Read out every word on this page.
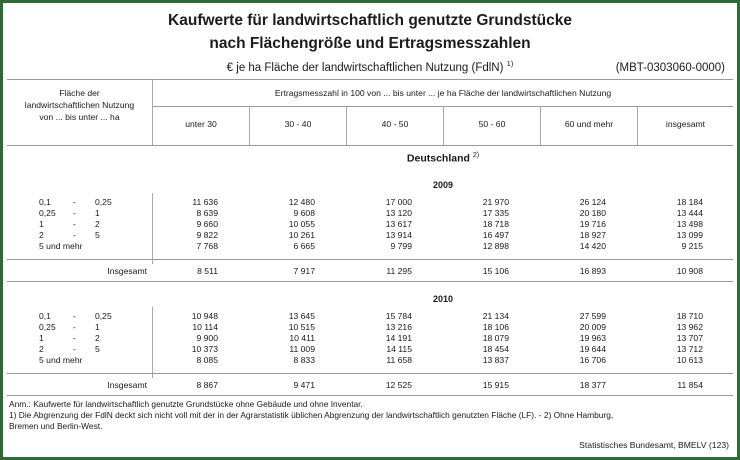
Kaufwerte für landwirtschaftlich genutzte Grundstücke
nach Flächengröße und Ertragsmesszahlen
€ je ha Fläche der landwirtschaftlichen Nutzung (FdlN) $^{1)}$	(MBT-0303060-0000)
Fläche der
landwirtschaftlichen Nutzung
von ... bis unter ... ha
Ertragsmesszahl in 100 von ... bis unter ... je ha Fläche der landwirtschaftlichen Nutzung
unter 30	30 - 40	40 - 50	50 - 60	60 und mehr	insgesamt
Deutschland $^{2)}$
2009
0,1	- 0,25	11 636	12 480	17 000	21 970	26 124	18 184
0,25 - 1	8 639	9 608	13 120	17 335	20 180	13 444
1	- 2	9 660	10 055	13 617	18 718	19 716	13 498
2	- 5	9 822	10 261	13 914	16 497	18 927	13 099
5 und mehr	7 768	6 665	9 799	12 898	14 420	9 215
Insgesamt	8 511	7 917	11 295	15 106	16 893	10 908
2010
0,1	- 0,25	10 948	13 645	15 784	21 134	27 599	18 710
0,25 - 1	10 114	10 515	13 216	18 106	20 009	13 962
1	- 2	9 900	10 411	14 191	18 079	19 963	13 707
2	- 5	10 373	11 009	14 115	18 454	19 644	13 712
5 und mehr	8 085	8 833	11 658	13 837	16 706	10 613
Insgesamt	8 867	9 471	12 525	15 915	18 377	11 854
Anm.: Kaufwerte für landwirtschaftlich genutzte Grundstücke ohne Gebäude und ohne Inventar.
1) Die Abgrenzung der FdlN deckt sich nicht voll mit der in der Agrarstatistik üblichen Abgrenzung der landwirtschaftlich genutzten Fläche (LF). - 2) Ohne Hamburg,
Bremen und Berlin-West.
Statistisches Bundesamt, BMELV (123)
